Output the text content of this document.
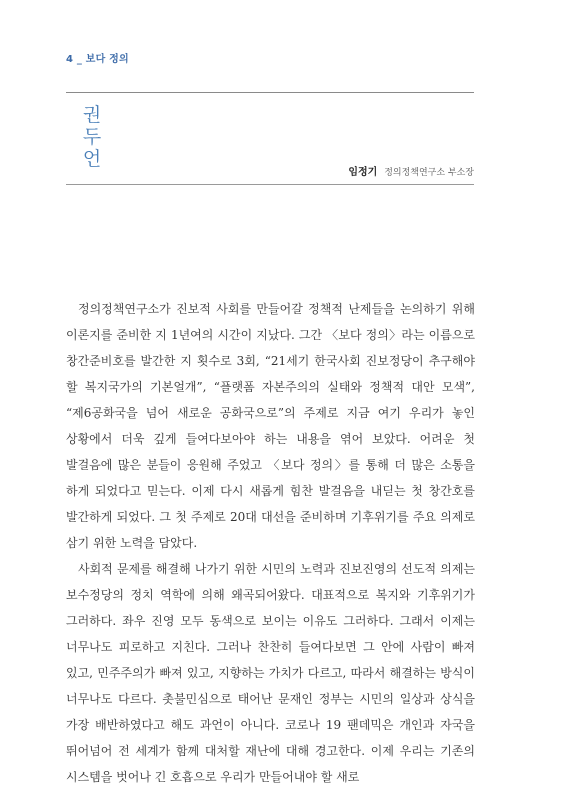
4 _ 보다 정의
권
두
언
임정기 정의정책연구소 부소장

정의정책연구소가 진보적 사회를 만들어갈 정책적 난제들을 논의하기 위해 이론지를 준비한 지 1년여의 시간이 지났다. 그간 〈보다 정의〉라는 이름으로 창간준비호를 발간한 지 횟수로 3회, “21세기 한국사회 진보정당이 추구해야 할 복지국가의 기본얼개”, “플랫폼 자본주의의 실태와 정책적 대안 모색”, “제6공화국을 넘어 새로운 공화국으로”의 주제로 지금 여기 우리가 놓인 상황에서 더욱 깊게 들여다보아야 하는 내용을 엮어 보았다. 어려운 첫 발걸음에 많은 분들이 응원해 주었고 〈보다 정의〉를 통해 더 많은 소통을 하게 되었다고 믿는다. 이제 다시 새롭게 힘찬 발걸음을 내딛는 첫 창간호를 발간하게 되었다. 그 첫 주제로 20대 대선을 준비하며 기후위기를 주요 의제로 삼기 위한 노력을 담았다.

사회적 문제를 해결해 나가기 위한 시민의 노력과 진보진영의 선도적 의제는 보수정당의 정치 역학에 의해 왜곡되어왔다. 대표적으로 복지와 기후위기가 그러하다. 좌우 진영 모두 동색으로 보이는 이유도 그러하다. 그래서 이제는 너무나도 피로하고 지친다. 그러나 찬찬히 들여다보면 그 안에 사람이 빠져 있고, 민주주의가 빠져 있고, 지향하는 가치가 다르고, 따라서 해결하는 방식이 너무나도 다르다. 촛불민심으로 태어난 문재인 정부는 시민의 일상과 상식을 가장 배반하였다고 해도 과언이 아니다. 코로나 19 팬데믹은 개인과 자국을 뛰어넘어 전 세계가 함께 대처할 재난에 대해 경고한다. 이제 우리는 기존의 시스템을 벗어나 긴 호흡으로 우리가 만들어내야 할 새로
